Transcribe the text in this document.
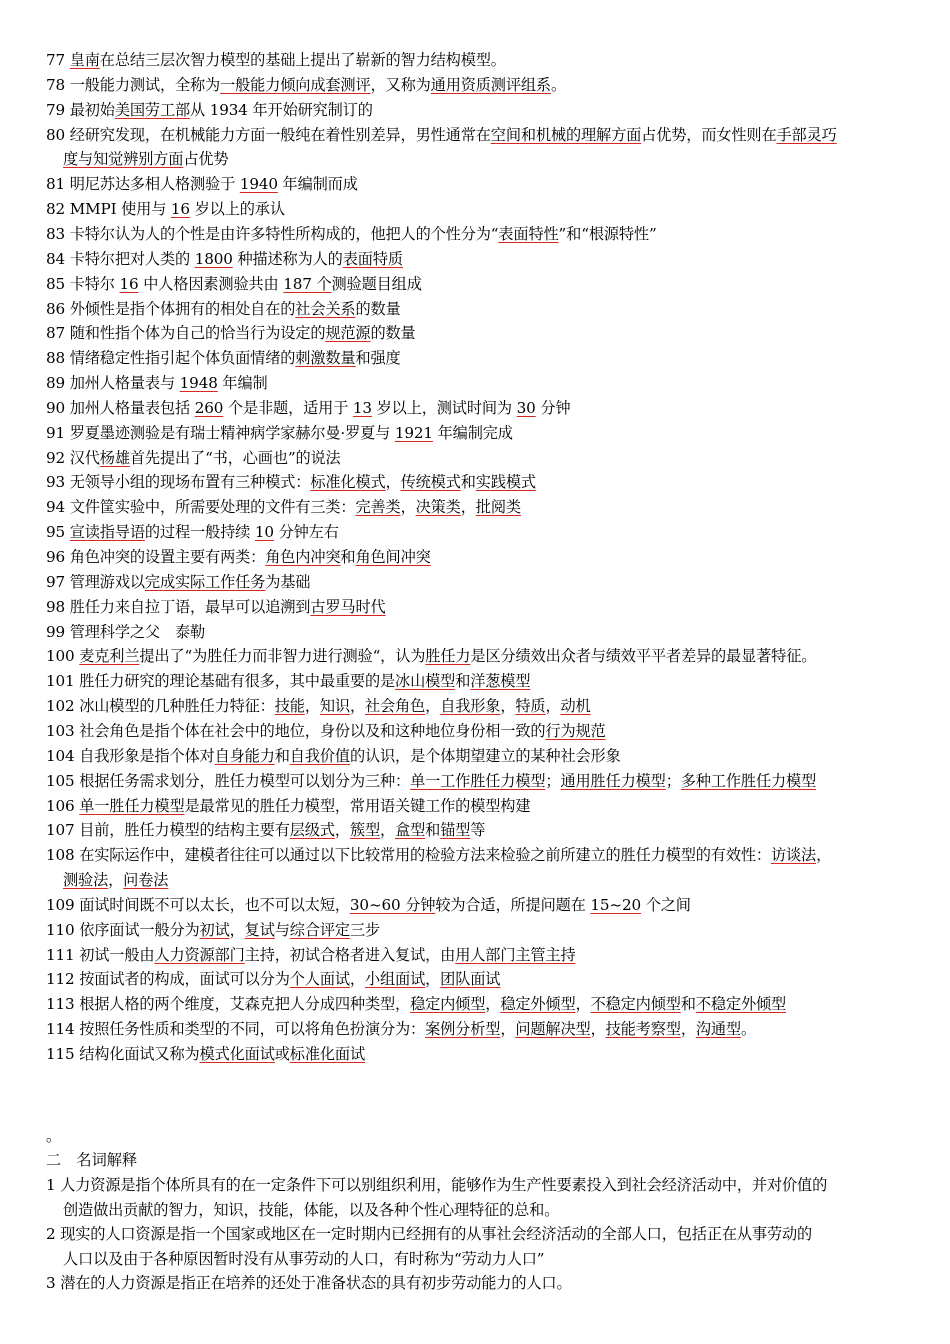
77 皇南在总结三层次智力模型的基础上提出了崭新的智力结构模型。
78 一般能力测试，全称为一般能力倾向成套测评，又称为通用资质测评组系。
79 最初始美国劳工部从 1934 年开始研究制订的
80 经研究发现，在机械能力方面一般纯在着性别差异，男性通常在空间和机械的理解方面占优势，而女性则在手部灵巧
度与知觉辨别方面占优势
81 明尼苏达多相人格测验于 1940 年编制而成
82 MMPI 使用与 16 岁以上的承认
83 卡特尔认为人的个性是由许多特性所构成的，他把人的个性分为“表面特性”和“根源特性”
84 卡特尔把对人类的 1800 种描述称为人的表面特质
85 卡特尔 16 中人格因素测验共由 187 个测验题目组成
86 外倾性是指个体拥有的相处自在的社会关系的数量
87 随和性指个体为自己的恰当行为设定的规范源的数量
88 情绪稳定性指引起个体负面情绪的刺激数量和强度
89 加州人格量表与 1948 年编制
90 加州人格量表包括 260 个是非题，适用于 13 岁以上，测试时间为 30 分钟
91 罗夏墨迹测验是有瑞士精神病学家赫尔曼·罗夏与 1921 年编制完成
92 汉代杨雄首先提出了“书，心画也”的说法
93 无领导小组的现场布置有三种模式：标准化模式，传统模式和实践模式
94 文件筐实验中，所需要处理的文件有三类：完善类，决策类，批阅类
95 宣读指导语的过程一般持续 10 分钟左右
96 角色冲突的设置主要有两类：角色内冲突和角色间冲突
97 管理游戏以完成实际工作任务为基础
98 胜任力来自拉丁语，最早可以追溯到古罗马时代
99 管理科学之父　泰勒
100 麦克利兰提出了“为胜任力而非智力进行测验“，认为胜任力是区分绩效出众者与绩效平平者差异的最显著特征。
101 胜任力研究的理论基础有很多，其中最重要的是冰山模型和洋葱模型
102 冰山模型的几种胜任力特征：技能，知识，社会角色，自我形象，特质，动机
103 社会角色是指个体在社会中的地位，身份以及和这种地位身份相一致的行为规范
104 自我形象是指个体对自身能力和自我价值的认识，是个体期望建立的某种社会形象
105 根据任务需求划分，胜任力模型可以划分为三种：单一工作胜任力模型；通用胜任力模型；多种工作胜任力模型
106 单一胜任力模型是最常见的胜任力模型，常用语关键工作的模型构建
107 目前，胜任力模型的结构主要有层级式，簇型，盒型和锚型等
108 在实际运作中，建模者往往可以通过以下比较常用的检验方法来检验之前所建立的胜任力模型的有效性：访谈法，
测验法，问卷法
109 面试时间既不可以太长，也不可以太短，30~60 分钟较为合适，所提问题在 15~20 个之间
110 依序面试一般分为初试，复试与综合评定三步
111 初试一般由人力资源部门主持，初试合格者进入复试，由用人部门主管主持
112 按面试者的构成，面试可以分为个人面试，小组面试，团队面试
113 根据人格的两个维度，艾森克把人分成四种类型，稳定内倾型，稳定外倾型，不稳定内倾型和不稳定外倾型
114 按照任务性质和类型的不同，可以将角色扮演分为：案例分析型，问题解决型，技能考察型，沟通型。
115 结构化面试又称为模式化面试或标准化面试
。
二　名词解释
1 人力资源是指个体所具有的在一定条件下可以别组织利用，能够作为生产性要素投入到社会经济活动中，并对价值的
创造做出贡献的智力，知识，技能，体能，以及各种个性心理特征的总和。
2 现实的人口资源是指一个国家或地区在一定时期内已经拥有的从事社会经济活动的全部人口，包括正在从事劳动的
人口以及由于各种原因暂时没有从事劳动的人口，有时称为“劳动力人口”
3 潜在的人力资源是指正在培养的还处于准备状态的具有初步劳动能力的人口。
